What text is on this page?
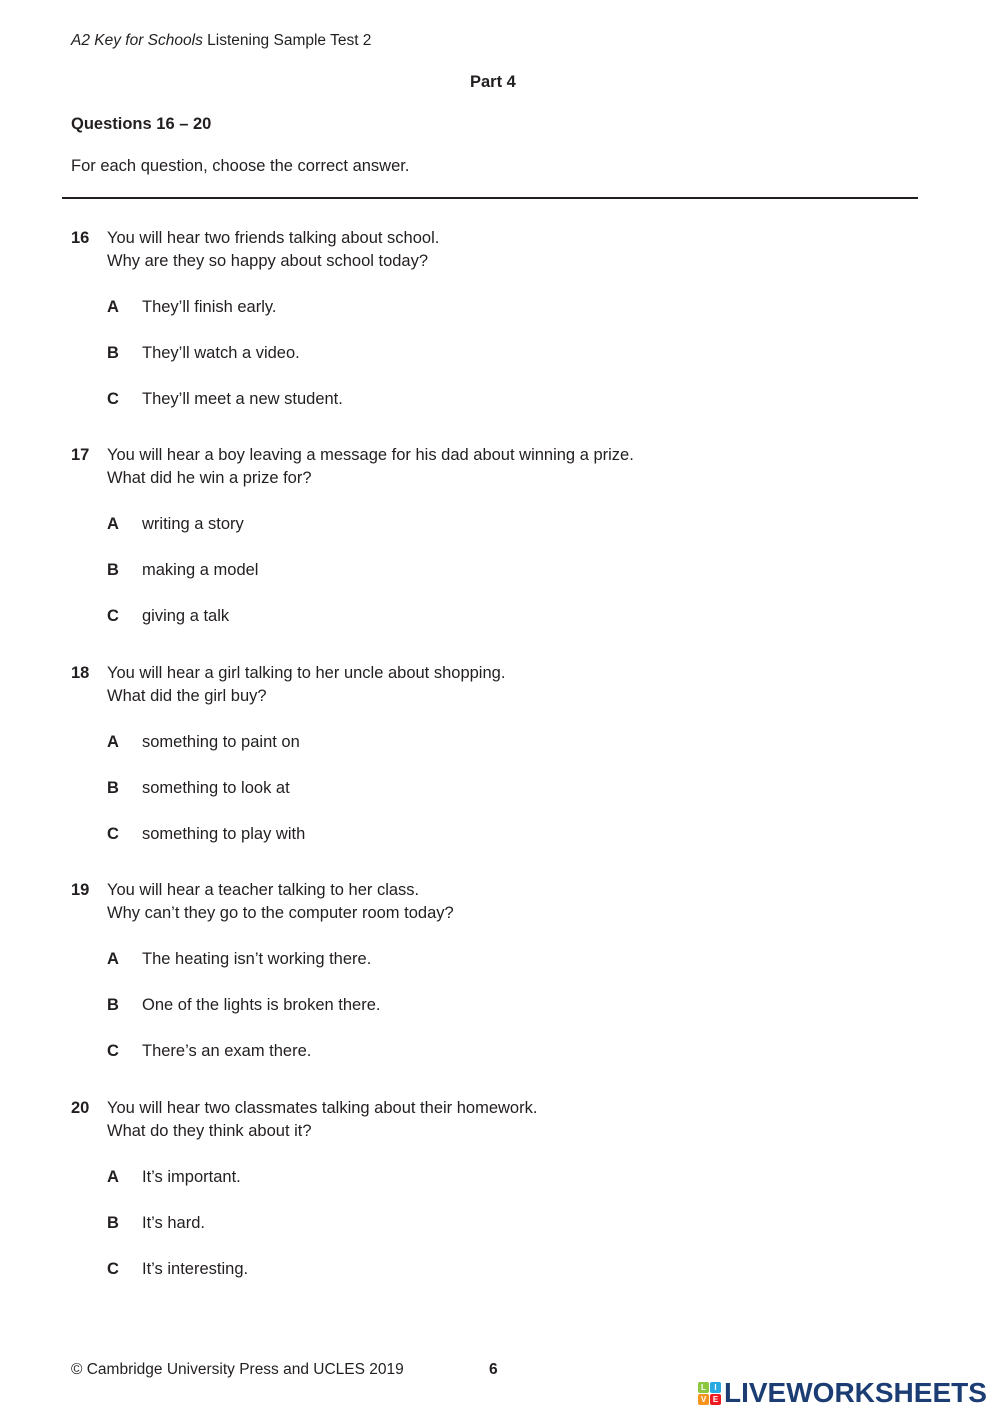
A2 Key for Schools Listening Sample Test 2
Part 4
Questions 16 – 20
For each question, choose the correct answer.
16 You will hear two friends talking about school.
Why are they so happy about school today?
A They’ll finish early.
B They’ll watch a video.
C They’ll meet a new student.
17 You will hear a boy leaving a message for his dad about winning a prize.
What did he win a prize for?
A writing a story
B making a model
C giving a talk
18 You will hear a girl talking to her uncle about shopping.
What did the girl buy?
A something to paint on
B something to look at
C something to play with
19 You will hear a teacher talking to her class.
Why can’t they go to the computer room today?
A The heating isn’t working there.
B One of the lights is broken there.
C There’s an exam there.
20 You will hear two classmates talking about their homework.
What do they think about it?
A It’s important.
B It’s hard.
C It’s interesting.
© Cambridge University Press and UCLES 2019	6
L	I
V E LIVEWORKSHEETS
